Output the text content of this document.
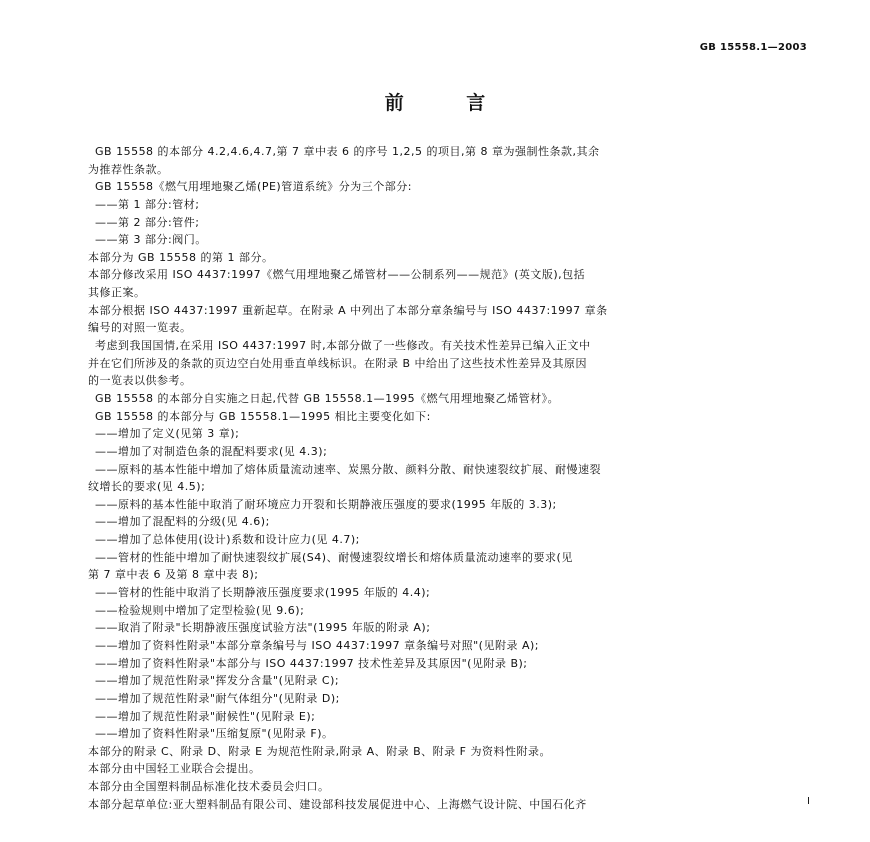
GB 15558.1—2003
前 言
GB 15558 的本部分 4.2,4.6,4.7,第 7 章中表 6 的序号 1,2,5 的项目,第 8 章为强制性条款,其余
为推荐性条款。
GB 15558《燃气用埋地聚乙烯(PE)管道系统》分为三个部分:
——第 1 部分:管材;
——第 2 部分:管件;
——第 3 部分:阀门。
本部分为 GB 15558 的第 1 部分。
本部分修改采用 ISO 4437:1997《燃气用埋地聚乙烯管材——公制系列——规范》(英文版),包括
其修正案。
本部分根据 ISO 4437:1997 重新起草。在附录 A 中列出了本部分章条编号与 ISO 4437:1997 章条
编号的对照一览表。
考虑到我国国情,在采用 ISO 4437:1997 时,本部分做了一些修改。有关技术性差异已编入正文中
并在它们所涉及的条款的页边空白处用垂直单线标识。在附录 B 中给出了这些技术性差异及其原因
的一览表以供参考。
GB 15558 的本部分自实施之日起,代替 GB 15558.1—1995《燃气用埋地聚乙烯管材》。
GB 15558 的本部分与 GB 15558.1—1995 相比主要变化如下:
——增加了定义(见第 3 章);
——增加了对制造色条的混配料要求(见 4.3);
——原料的基本性能中增加了熔体质量流动速率、炭黑分散、颜料分散、耐快速裂纹扩展、耐慢速裂
纹增长的要求(见 4.5);
——原料的基本性能中取消了耐环境应力开裂和长期静液压强度的要求(1995 年版的 3.3);
——增加了混配料的分级(见 4.6);
——增加了总体使用(设计)系数和设计应力(见 4.7);
——管材的性能中增加了耐快速裂纹扩展(S4)、耐慢速裂纹增长和熔体质量流动速率的要求(见
第 7 章中表 6 及第 8 章中表 8);
——管材的性能中取消了长期静液压强度要求(1995 年版的 4.4);
——检验规则中增加了定型检验(见 9.6);
——取消了附录"长期静液压强度试验方法"(1995 年版的附录 A);
——增加了资料性附录"本部分章条编号与 ISO 4437:1997 章条编号对照"(见附录 A);
——增加了资料性附录"本部分与 ISO 4437:1997 技术性差异及其原因"(见附录 B);
——增加了规范性附录"挥发分含量"(见附录 C);
——增加了规范性附录"耐气体组分"(见附录 D);
——增加了规范性附录"耐候性"(见附录 E);
——增加了资料性附录"压缩复原"(见附录 F)。
本部分的附录 C、附录 D、附录 E 为规范性附录,附录 A、附录 B、附录 F 为资料性附录。
本部分由中国轻工业联合会提出。
本部分由全国塑料制品标准化技术委员会归口。
本部分起草单位:亚大塑料制品有限公司、建设部科技发展促进中心、上海燃气设计院、中国石化齐	I
